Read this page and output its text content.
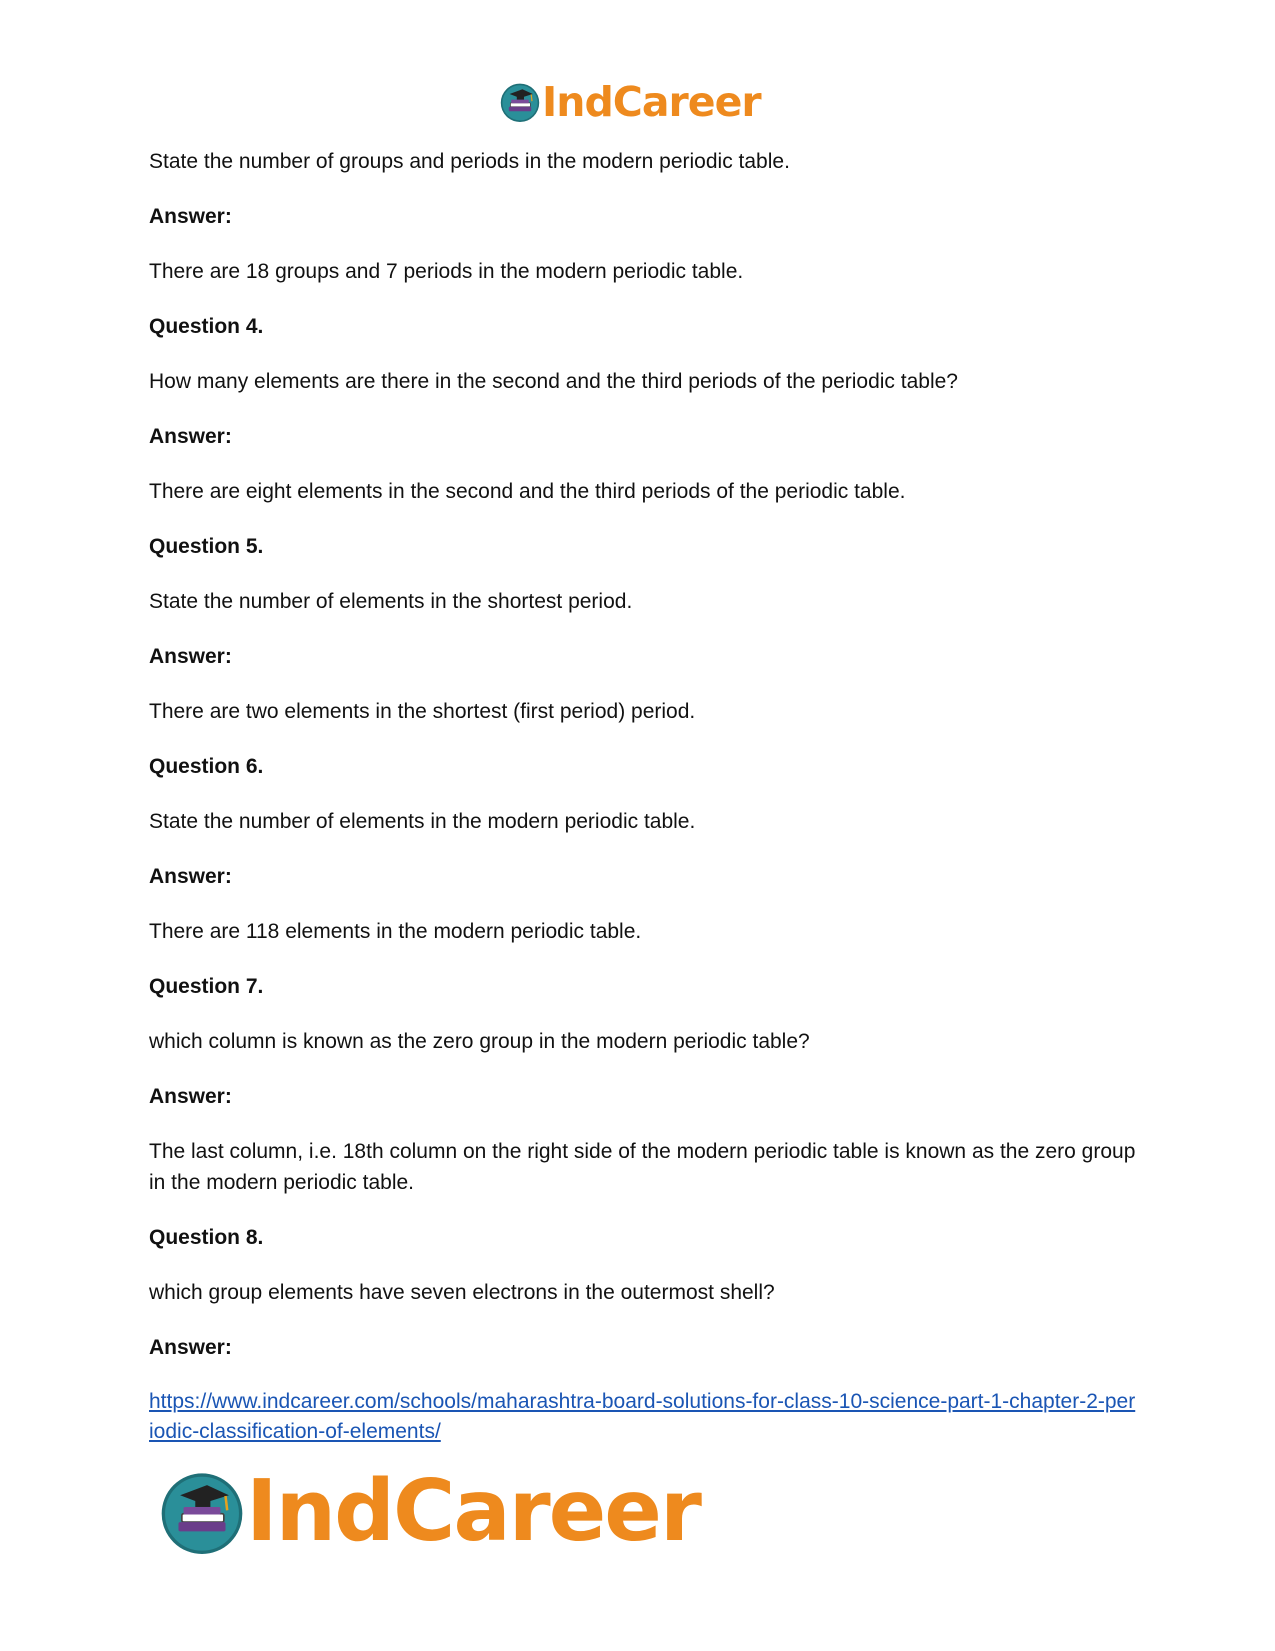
IndCareer

State the number of groups and periods in the modern periodic table.

Answer:

There are 18 groups and 7 periods in the modern periodic table.

Question 4.

How many elements are there in the second and the third periods of the periodic table?

Answer:

There are eight elements in the second and the third periods of the periodic table.

Question 5.

State the number of elements in the shortest period.

Answer:

There are two elements in the shortest (first period) period.

Question 6.

State the number of elements in the modern periodic table.

Answer:

There are 118 elements in the modern periodic table.

Question 7.

which column is known as the zero group in the modern periodic table?

Answer:

The last column, i.e. 18th column on the right side of the modern periodic table is known as the zero group in the modern periodic table.

Question 8.

which group elements have seven electrons in the outermost shell?

Answer:

https://www.indcareer.com/schools/maharashtra-board-solutions-for-class-10-science-part-1-chapter-2-periodic-classification-of-elements/
IndCareer
